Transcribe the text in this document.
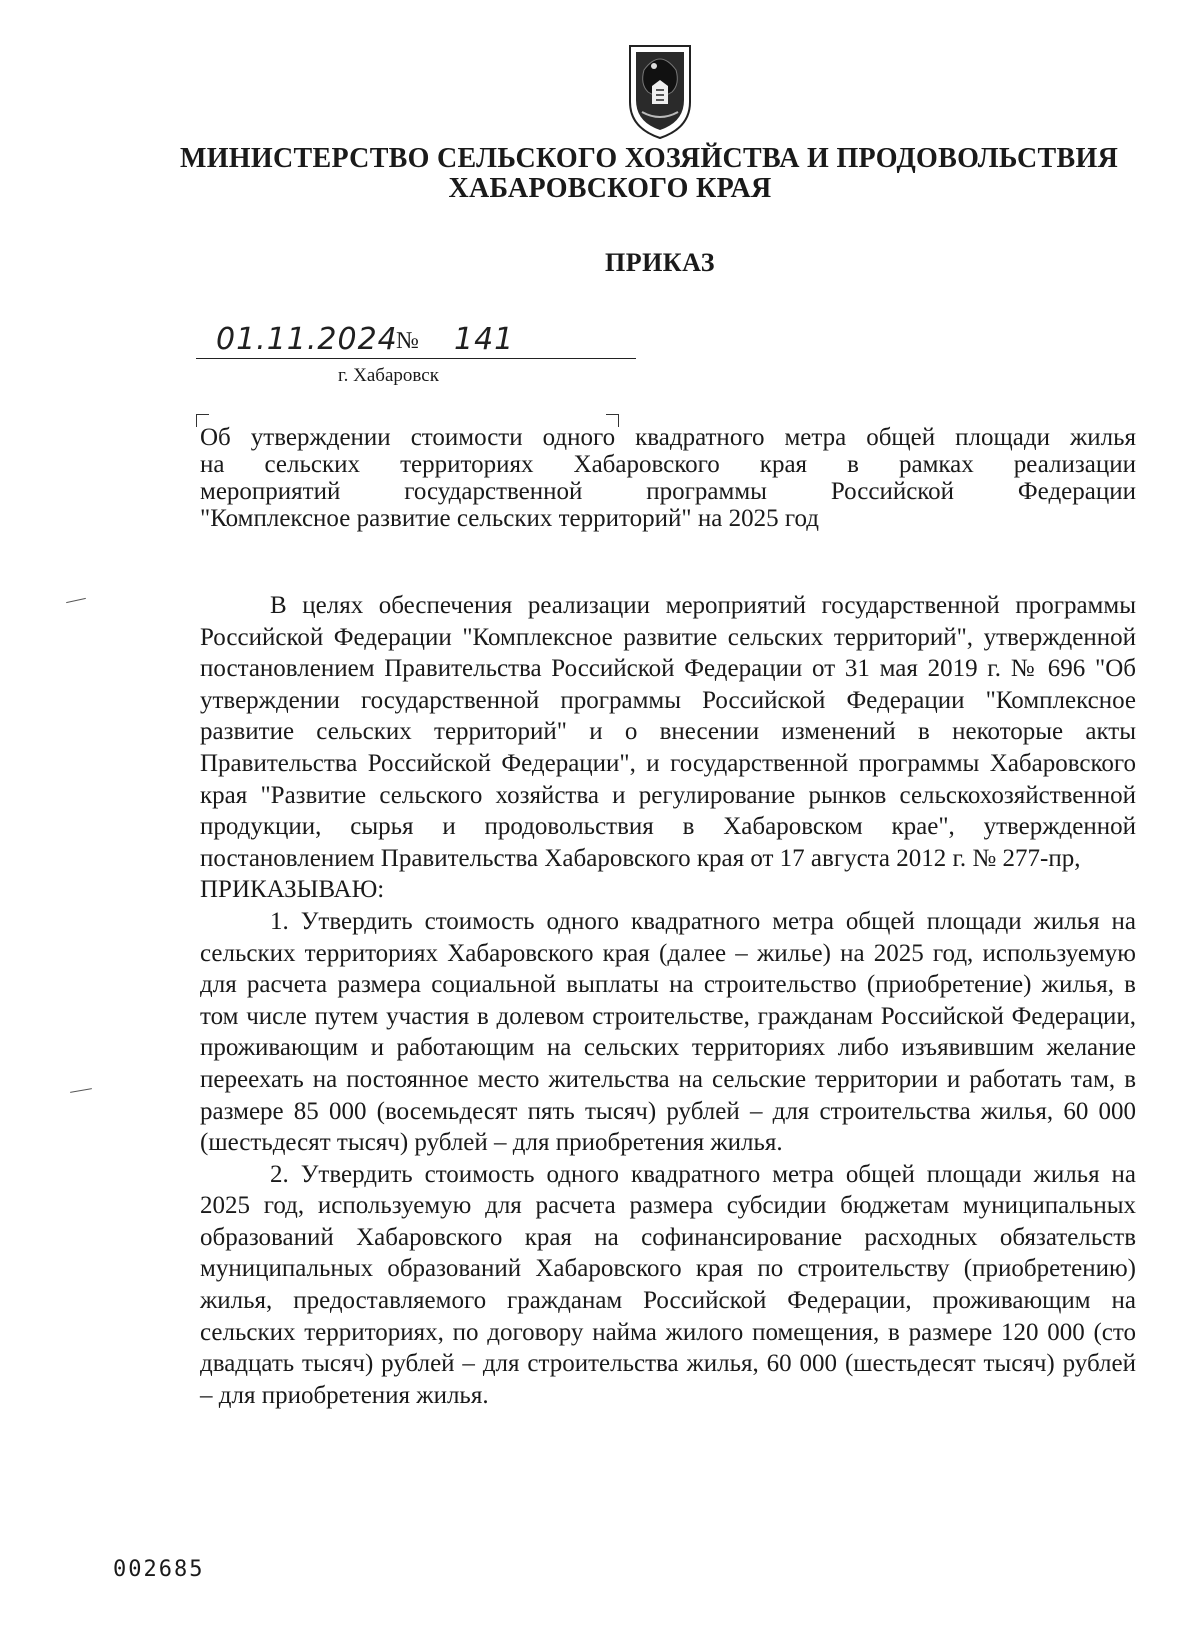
МИНИСТЕРСТВО СЕЛЬСКОГО ХОЗЯЙСТВА И ПРОДОВОЛЬСТВИЯ
ХАБАРОВСКОГО КРАЯ
ПРИКАЗ
01.11.2024
№ 141
г. Хабаровск
Об утверждении стоимости одного квадратного метра общей площади жилья
на сельских территориях Хабаровского края в рамках реализации
мероприятий государственной программы Российской Федерации
"Комплексное развитие сельских территорий" на 2025 год

В целях обеспечения реализации мероприятий государственной программы Российской Федерации "Комплексное развитие сельских территорий", утвержденной постановлением Правительства Российской Федерации от 31 мая 2019 г. № 696 "Об утверждении государственной программы Российской Федерации "Комплексное развитие сельских территорий" и о внесении изменений в некоторые акты Правительства Российской Федерации", и государственной программы Хабаровского края "Развитие сельского хозяйства и регулирование рынков сельскохозяйственной продукции, сырья и продовольствия в Хабаровском крае", утвержденной постановлением Правительства Хабаровского края от 17 августа 2012 г. № 277-пр,

ПРИКАЗЫВАЮ:

1. Утвердить стоимость одного квадратного метра общей площади жилья на сельских территориях Хабаровского края (далее – жилье) на 2025 год, используемую для расчета размера социальной выплаты на строительство (приобретение) жилья, в том числе путем участия в долевом строительстве, гражданам Российской Федерации, проживающим и работающим на сельских территориях либо изъявившим желание переехать на постоянное место жительства на сельские территории и работать там, в размере 85 000 (восемьдесят пять тысяч) рублей – для строительства жилья, 60 000 (шестьдесят тысяч) рублей – для приобретения жилья.

2. Утвердить стоимость одного квадратного метра общей площади жилья на 2025 год, используемую для расчета размера субсидии бюджетам муниципальных образований Хабаровского края на софинансирование расходных обязательств муниципальных образований Хабаровского края по строительству (приобретению) жилья, предоставляемого гражданам Российской Федерации, проживающим на сельских территориях, по договору найма жилого помещения, в размере 120 000 (сто двадцать тысяч) рублей – для строительства жилья, 60 000 (шестьдесят тысяч) рублей – для приобретения жилья.

002685
